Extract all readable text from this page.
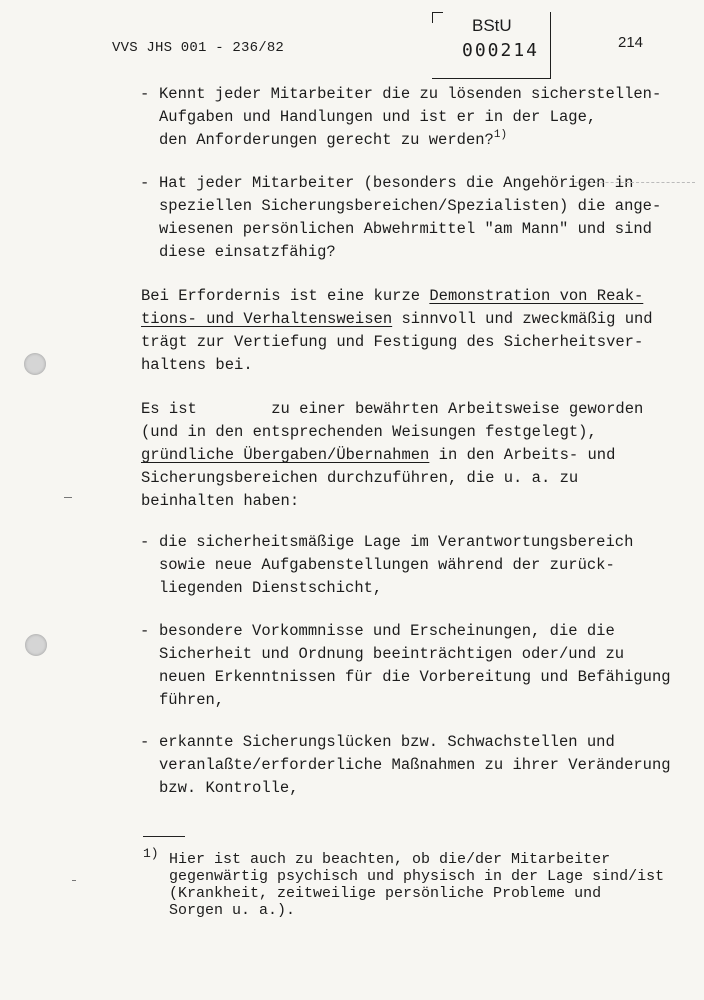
VVS JHS 001 - 236/82
BStU
000214	214
- Kennt jeder Mitarbeiter die zu lösenden sicherstellen-
Aufgaben und Handlungen und ist er in der Lage,
den Anforderungen gerecht zu werden?$^{1)}$
- Hat jeder Mitarbeiter (besonders die Angehörigen in
speziellen Sicherungsbereichen/Spezialisten) die ange-
wiesenen persönlichen Abwehrmittel "am Mann" und sind
diese einsatzfähig?
Bei Erfordernis ist eine kurze Demonstration von Reak-
tions- und Verhaltensweisen sinnvoll und zweckmäßig und
trägt zur Vertiefung und Festigung des Sicherheitsver-
haltens bei.
Es ist	zu einer bewährten Arbeitsweise geworden
(und in den entsprechenden Weisungen festgelegt),
gründliche Übergaben/Übernahmen in den Arbeits- und
Sicherungsbereichen durchzuführen, die u. a. zu
beinhalten haben:
- die sicherheitsmäßige Lage im Verantwortungsbereich
sowie neue Aufgabenstellungen während der zurück-
liegenden Dienstschicht,
- besondere Vorkommnisse und Erscheinungen, die die
Sicherheit und Ordnung beeinträchtigen oder/und zu
neuen Erkenntnissen für die Vorbereitung und Befähigung
führen,
- erkannte Sicherungslücken bzw. Schwachstellen und
veranlaßte/erforderliche Maßnahmen zu ihrer Veränderung
bzw. Kontrolle,
1) Hier ist auch zu beachten, ob die/der Mitarbeiter
gegenwärtig psychisch und physisch in der Lage sind/ist
(Krankheit, zeitweilige persönliche Probleme und
Sorgen u. a.).
